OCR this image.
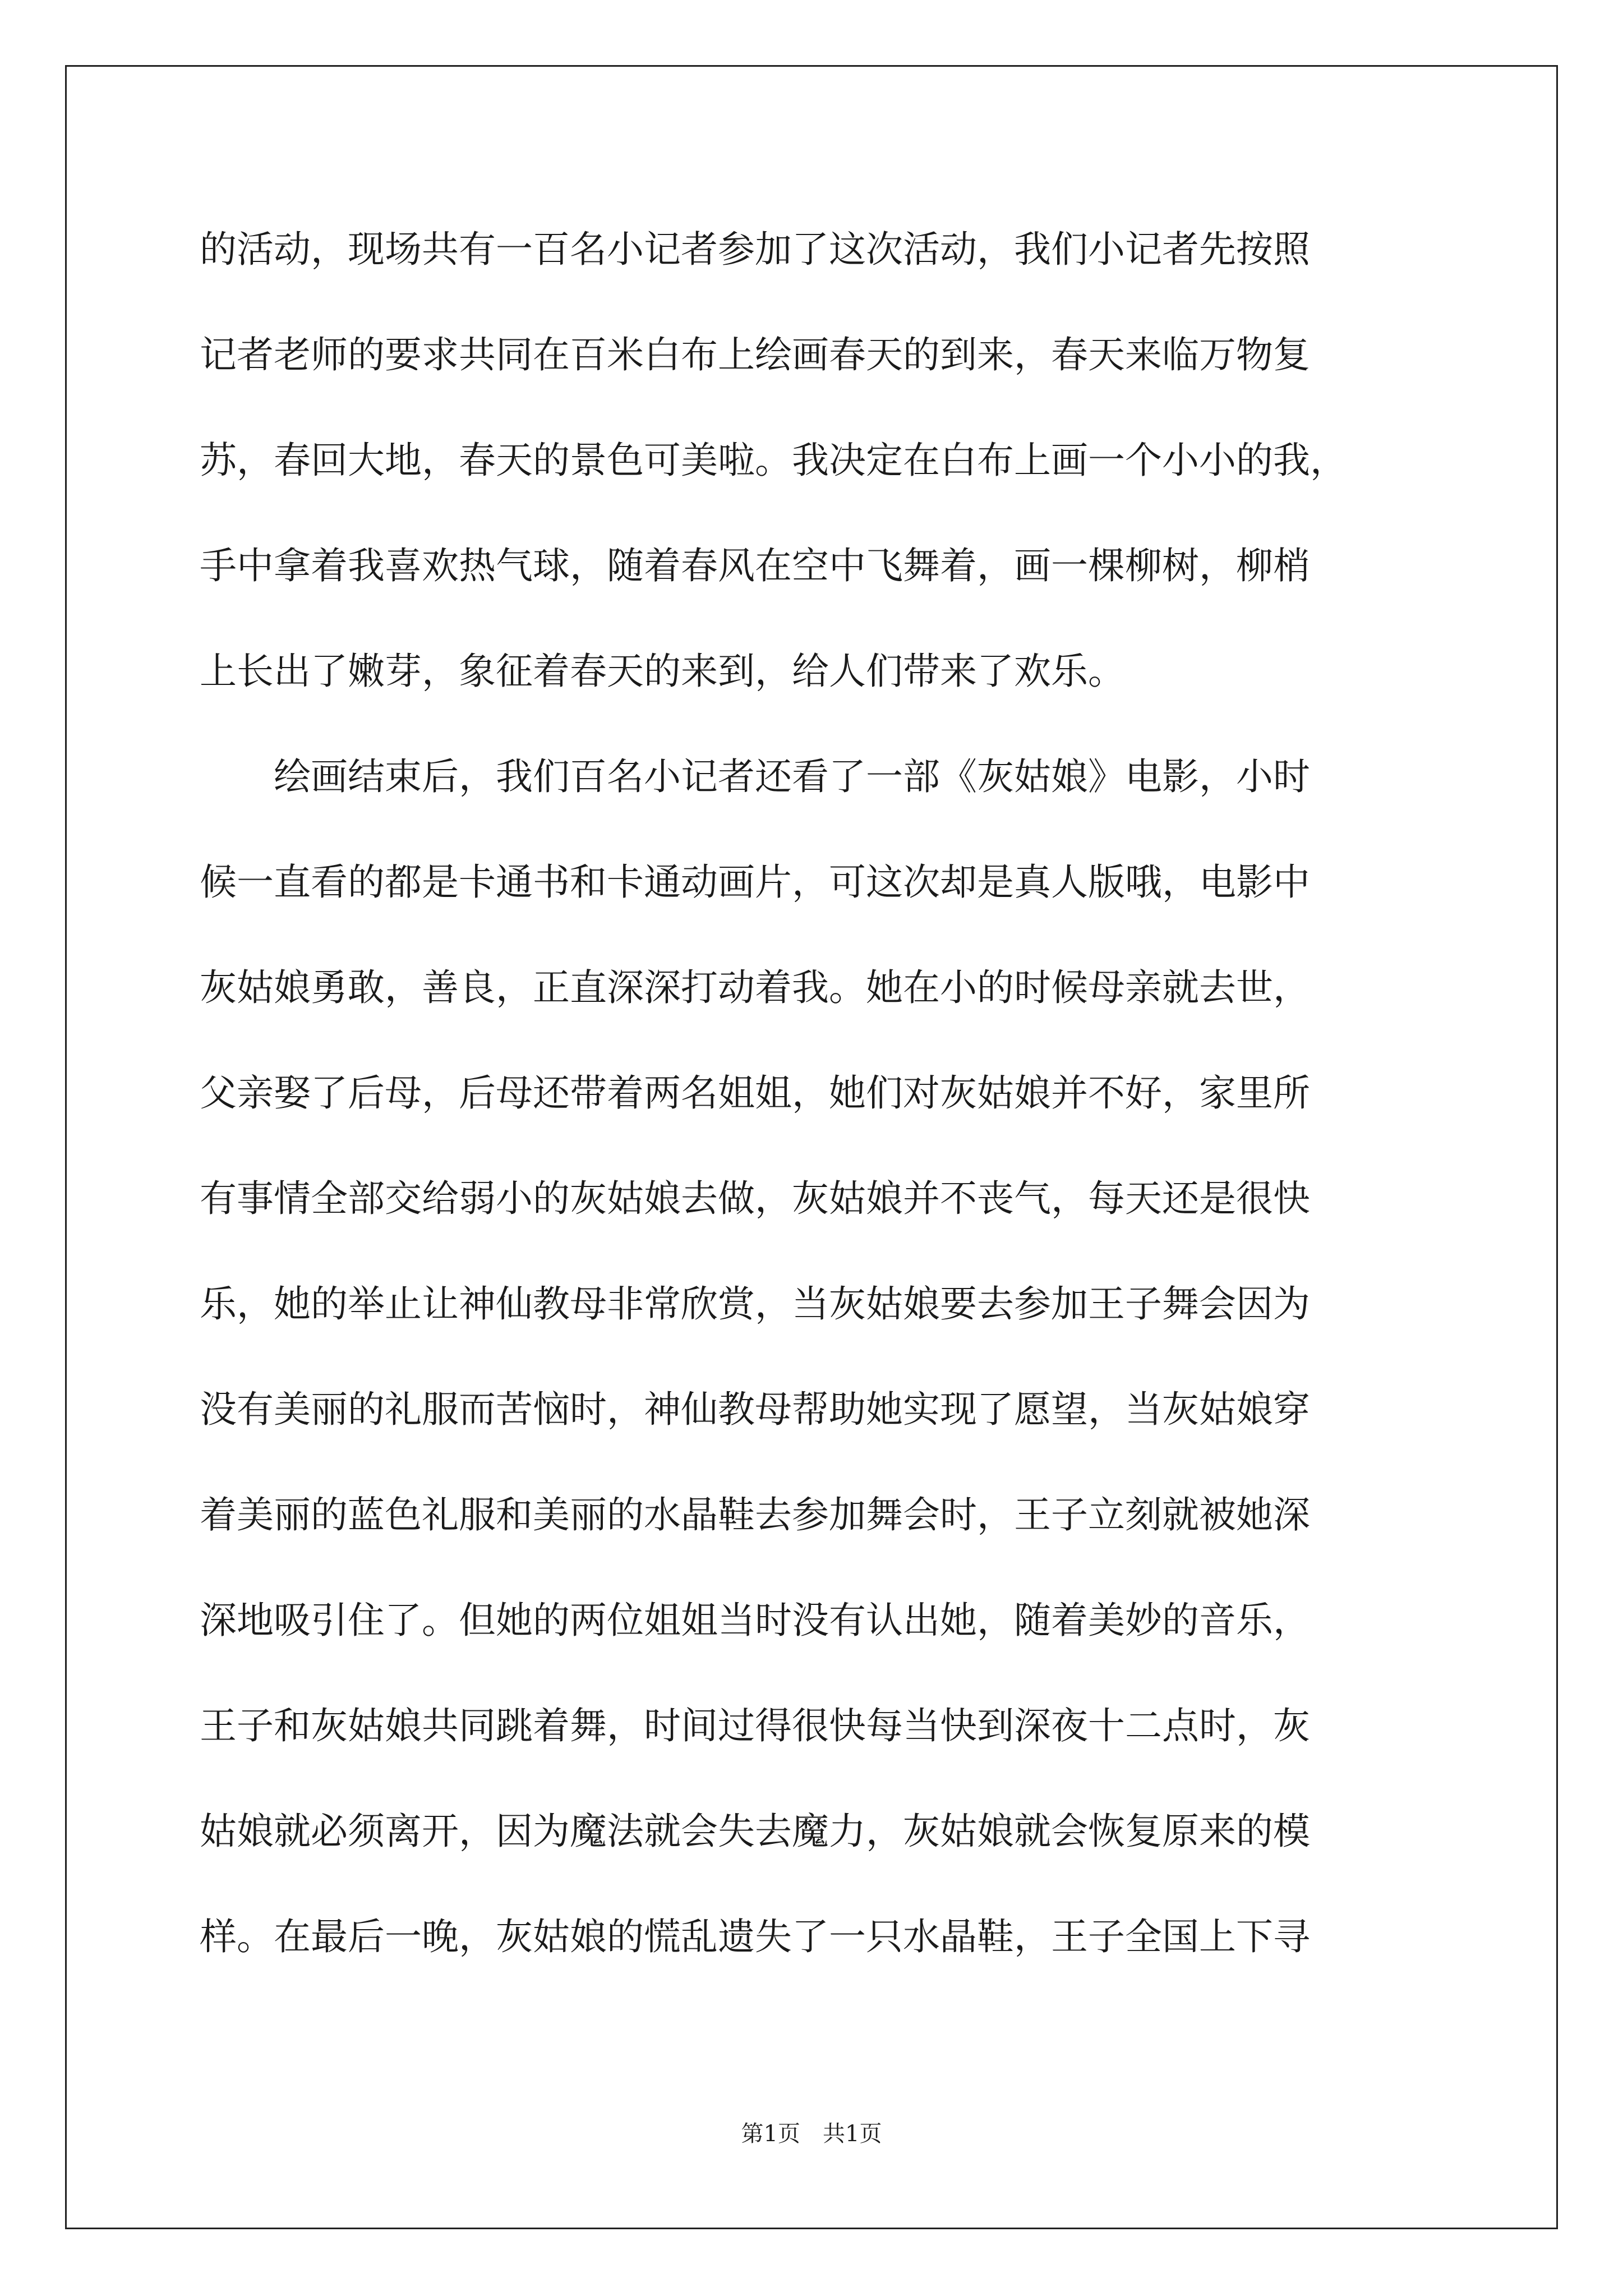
的活动，现场共有一百名小记者参加了这次活动，我们小记者先按照
记者老师的要求共同在百米白布上绘画春天的到来，春天来临万物复
苏，春回大地，春天的景色可美啦。我决定在白布上画一个小小的我，
手中拿着我喜欢热气球，随着春风在空中飞舞着，画一棵柳树，柳梢
上长出了嫩芽，象征着春天的来到，给人们带来了欢乐。
　　绘画结束后，我们百名小记者还看了一部《灰姑娘》电影，小时
候一直看的都是卡通书和卡通动画片，可这次却是真人版哦，电影中
灰姑娘勇敢，善良，正直深深打动着我。她在小的时候母亲就去世，
父亲娶了后母，后母还带着两名姐姐，她们对灰姑娘并不好，家里所
有事情全部交给弱小的灰姑娘去做，灰姑娘并不丧气，每天还是很快
乐，她的举止让神仙教母非常欣赏，当灰姑娘要去参加王子舞会因为
没有美丽的礼服而苦恼时，神仙教母帮助她实现了愿望，当灰姑娘穿
着美丽的蓝色礼服和美丽的水晶鞋去参加舞会时，王子立刻就被她深
深地吸引住了。但她的两位姐姐当时没有认出她，随着美妙的音乐，
王子和灰姑娘共同跳着舞，时间过得很快每当快到深夜十二点时，灰
姑娘就必须离开，因为魔法就会失去魔力，灰姑娘就会恢复原来的模
样。在最后一晚，灰姑娘的慌乱遗失了一只水晶鞋，王子全国上下寻
第1页 共1页
